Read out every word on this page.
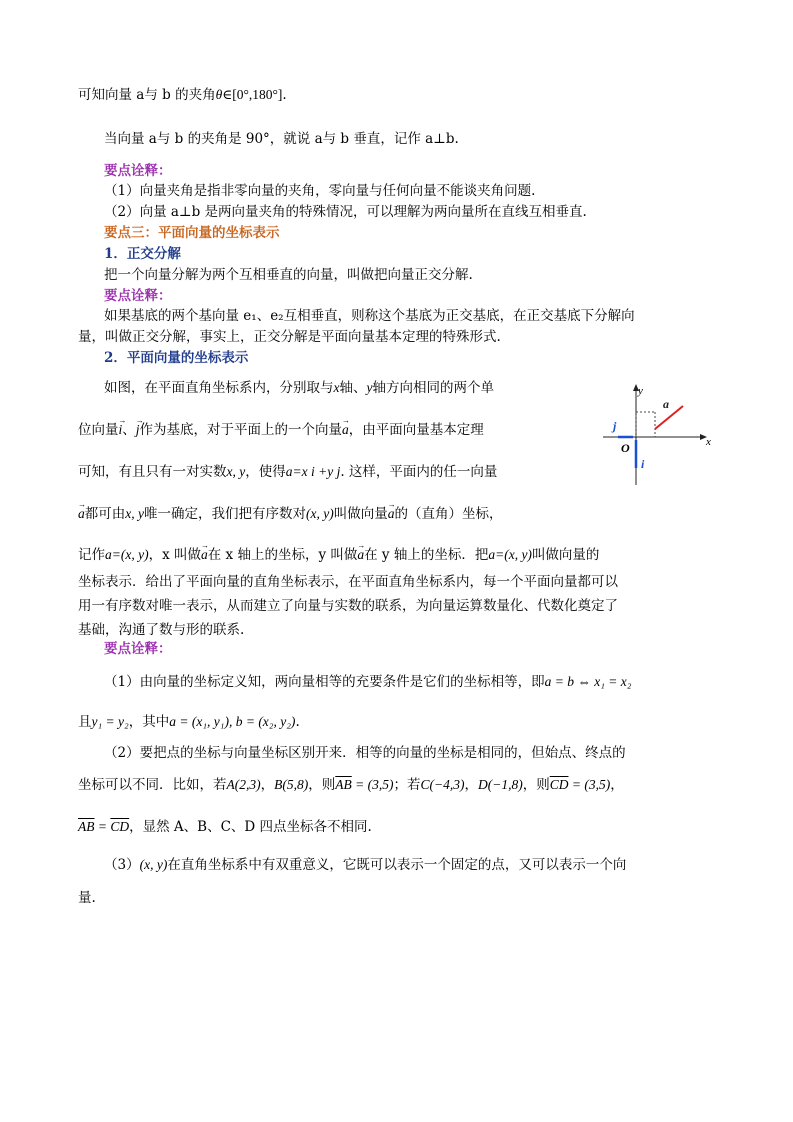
可知向量 a与 b 的夹角θ∈[0°,180°].
当向量 a与 b 的夹角是 90°，就说 a与 b 垂直，记作 a⊥b.
要点诠释：
（1）向量夹角是指非零向量的夹角，零向量与任何向量不能谈夹角问题.
（2）向量 a⊥b 是两向量夹角的特殊情况，可以理解为两向量所在直线互相垂直.
要点三：平面向量的坐标表示
1．正交分解
把一个向量分解为两个互相垂直的向量，叫做把向量正交分解.
要点诠释：
如果基底的两个基向量 e₁、e₂互相垂直，则称这个基底为正交基底，在正交基底下分解向
量，叫做正交分解，事实上，正交分解是平面向量基本定理的特殊形式.
2．平面向量的坐标表示
如图，在平面直角坐标系内，分别取与x轴、y轴方向相同的两个单
位向量→ i、→ j作为基底，对于平面上的一个向量→ a，由平面向量基本定理
可知，有且只有一对实数x, y，使得a=x i +y j. 这样，平面内的任一向量
→ a都可由x, y唯一确定，我们把有序数对(x, y)叫做向量→ a的（直角）坐标，
记作a=(x, y)，x 叫做→ a在 x 轴上的坐标，y 叫做→ a在 y 轴上的坐标．把a=(x, y)叫做向量的
坐标表示．给出了平面向量的直角坐标表示，在平面直角坐标系内，每一个平面向量都可以
用一有序数对唯一表示，从而建立了向量与实数的联系，为向量运算数量化、代数化奠定了
基础，沟通了数与形的联系.
要点诠释：
（1）由向量的坐标定义知，两向量相等的充要条件是它们的坐标相等，即a = b ⇔ x₁ = x₂
且y₁ = y₂，其中a = (x₁, y₁), b = (x₂, y₂).
（2）要把点的坐标与向量坐标区别开来．相等的向量的坐标是相同的，但始点、终点的
坐标可以不同．比如，若A(2,3)，B(5,8)，则$\overline{AB} = (3,5)$；若C(−4,3)，D(−1,8)，则$\overline{CD} = (3,5)$，
$\overline{AB} = \overline{CD}$，显然 A、B、C、D 四点坐标各不相同.
（3）(x, y)在直角坐标系中有双重意义，它既可以表示一个固定的点，又可以表示一个向
量.
y
x
O
i
j
a
